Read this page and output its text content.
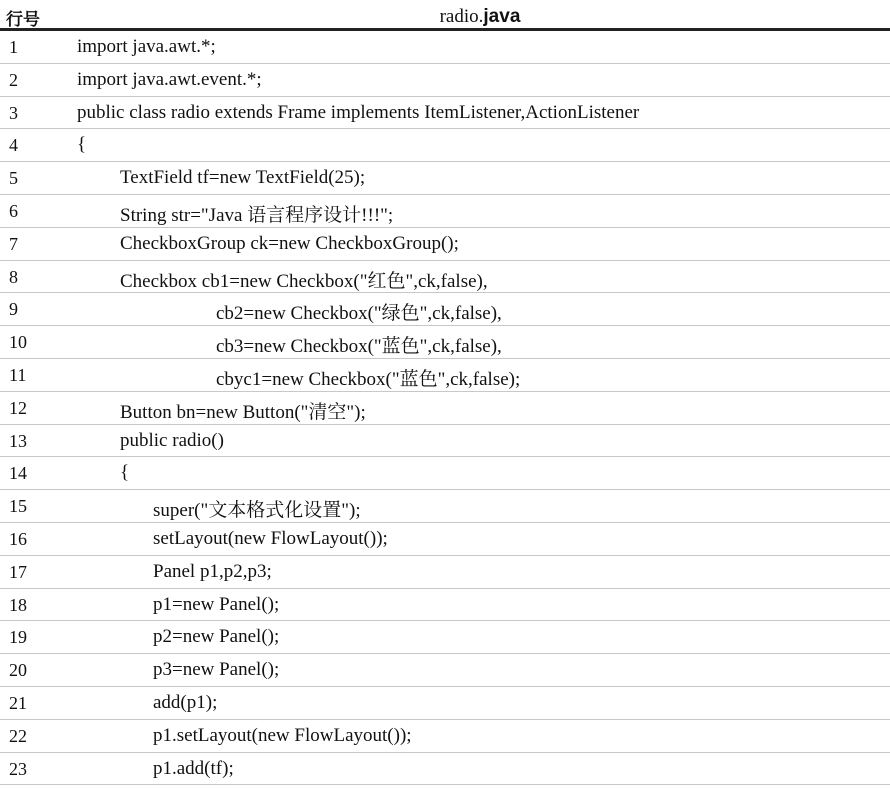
行号	radio.java
1	import java.awt.*;
2	import java.awt.event.*;
3	public class radio extends Frame implements ItemListener,ActionListener
4	{
5	TextField tf=new TextField(25);
6	String str="Java 语言程序设计!!!";
7	CheckboxGroup ck=new CheckboxGroup();
8	Checkbox cb1=new Checkbox("红色",ck,false),
9	cb2=new Checkbox("绿色",ck,false),
10	cb3=new Checkbox("蓝色",ck,false),
11	cbyc1=new Checkbox("蓝色",ck,false);
12	Button bn=new Button("清空");
13	public radio()
14	{
15	super("文本格式化设置");
16	setLayout(new FlowLayout());
17	Panel p1,p2,p3;
18	p1=new Panel();
19	p2=new Panel();
20	p3=new Panel();
21	add(p1);
22	p1.setLayout(new FlowLayout());
23	p1.add(tf);
